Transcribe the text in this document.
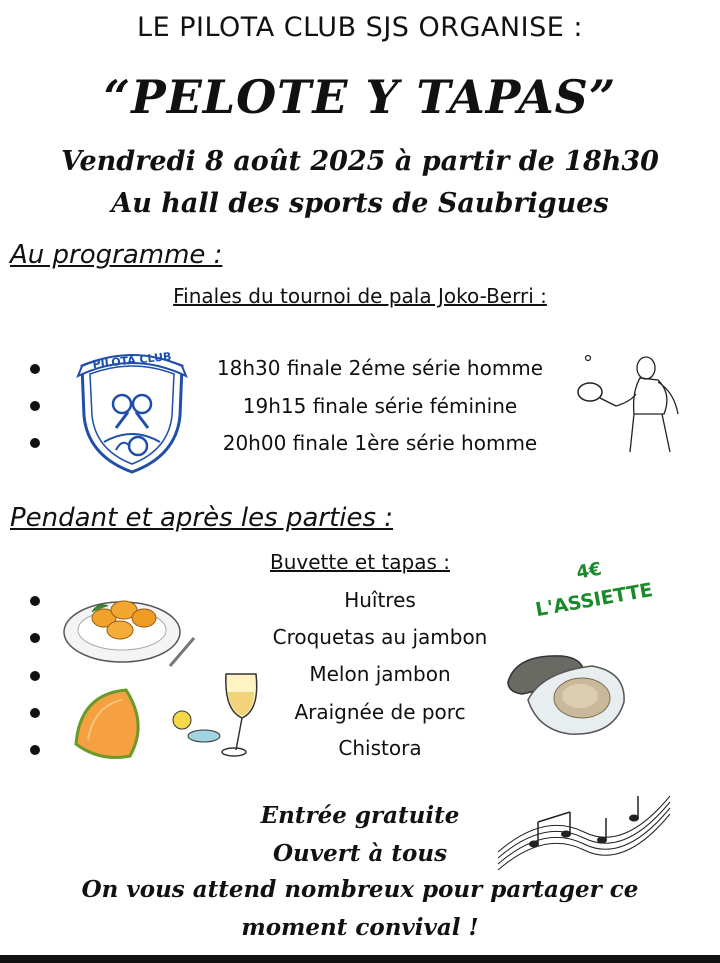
LE PILOTA CLUB SJS ORGANISE :
“PELOTE Y TAPAS”
Vendredi 8 août 2025 à partir de 18h30
Au hall des sports de Saubrigues
Au programme :
Finales du tournoi de pala Joko-Berri :
18h30 finale 2éme série homme
19h15 finale série féminine
20h00 finale 1ère série homme
PILOTA CLUB
Pendant et après les parties :
Buvette et tapas :
Huîtres
Croquetas au jambon
Melon jambon
Araignée de porc
Chistora
4€
L'ASSIETTE
Entrée gratuite
Ouvert à tous
On vous attend nombreux pour partager ce
moment convival !
